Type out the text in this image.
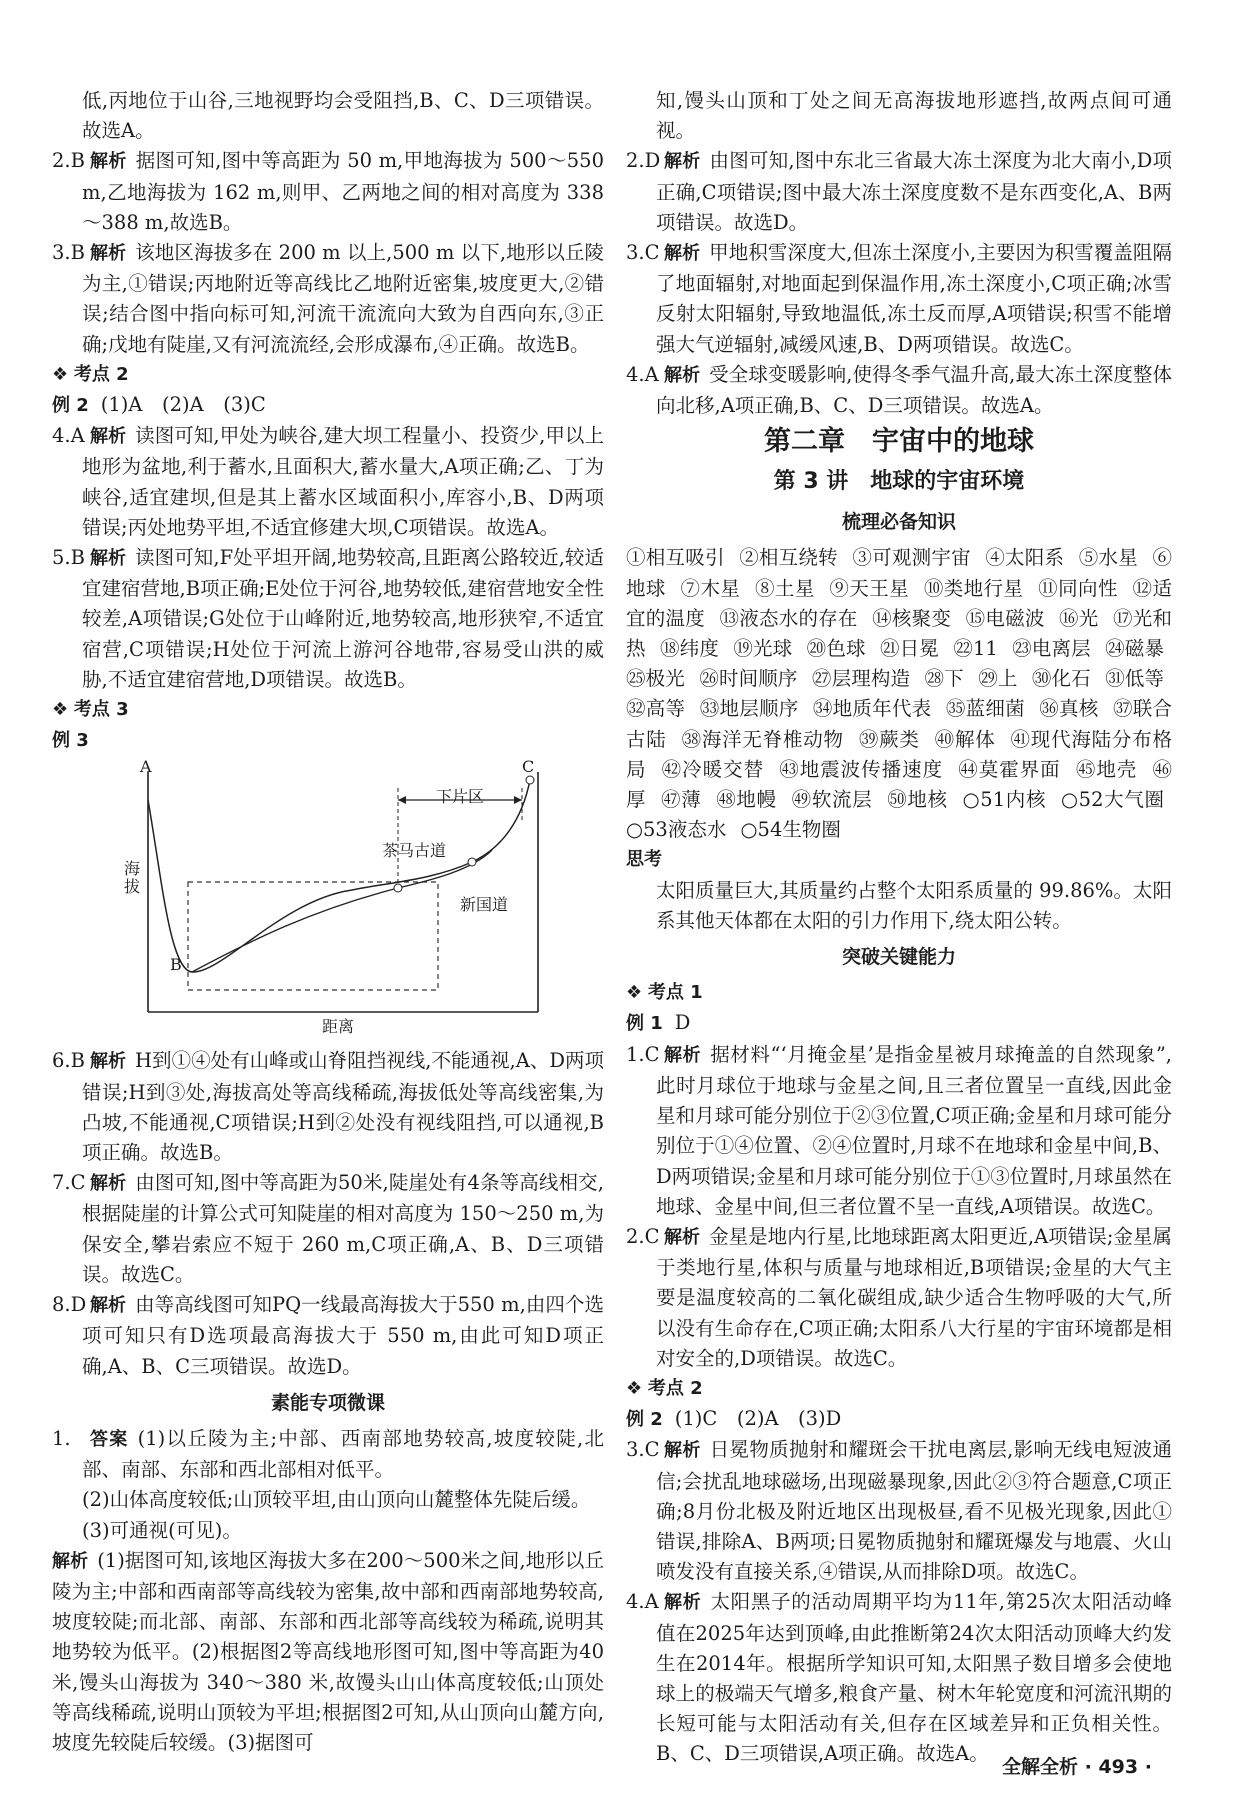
低,丙地位于山谷,三地视野均会受阻挡,B、C、D三项错误。故选A。
2.B 解析 据图可知,图中等高距为 50 m,甲地海拔为 500～550 m,乙地海拔为 162 m,则甲、乙两地之间的相对高度为 338～388 m,故选B。
3.B 解析 该地区海拔多在 200 m 以上,500 m 以下,地形以丘陵为主,①错误;丙地附近等高线比乙地附近密集,坡度更大,②错误;结合图中指向标可知,河流干流流向大致为自西向东,③正确;戊地有陡崖,又有河流流经,会形成瀑布,④正确。故选B。
❖ 考点 2
例 2 (1)A　(2)A　(3)C
4.A 解析 读图可知,甲处为峡谷,建大坝工程量小、投资少,甲以上地形为盆地,利于蓄水,且面积大,蓄水量大,A项正确;乙、丁为峡谷,适宜建坝,但是其上蓄水区域面积小,库容小,B、D两项错误;丙处地势平坦,不适宜修建大坝,C项错误。故选A。
5.B 解析 读图可知,F处平坦开阔,地势较高,且距离公路较近,较适宜建宿营地,B项正确;E处位于河谷,地势较低,建宿营地安全性较差,A项错误;G处位于山峰附近,地势较高,地形狭窄,不适宜宿营,C项错误;H处位于河流上游河谷地带,容易受山洪的威胁,不适宜建宿营地,D项错误。故选B。
❖ 考点 3
例 3
A	C
B
海拔
距离
下片区
茶马古道
新国道
6.B 解析 H到①④处有山峰或山脊阻挡视线,不能通视,A、D两项错误;H到③处,海拔高处等高线稀疏,海拔低处等高线密集,为凸坡,不能通视,C项错误;H到②处没有视线阻挡,可以通视,B项正确。故选B。
7.C 解析 由图可知,图中等高距为50米,陡崖处有4条等高线相交,根据陡崖的计算公式可知陡崖的相对高度为 150～250 m,为保安全,攀岩索应不短于 260 m,C项正确,A、B、D三项错误。故选C。
8.D 解析 由等高线图可知PQ一线最高海拔大于550 m,由四个选项可知只有D选项最高海拔大于 550 m,由此可知D项正确,A、B、C三项错误。故选D。
素能专项微课
1. 答案 (1)以丘陵为主;中部、西南部地势较高,坡度较陡,北部、南部、东部和西北部相对低平。
(2)山体高度较低;山顶较平坦,由山顶向山麓整体先陡后缓。
(3)可通视(可见)。
解析 (1)据图可知,该地区海拔大多在200～500米之间,地形以丘陵为主;中部和西南部等高线较为密集,故中部和西南部地势较高,坡度较陡;而北部、南部、东部和西北部等高线较为稀疏,说明其地势较为低平。(2)根据图2等高线地形图可知,图中等高距为40米,馒头山海拔为 340～380 米,故馒头山山体高度较低;山顶处等高线稀疏,说明山顶较为平坦;根据图2可知,从山顶向山麓方向,坡度先较陡后较缓。(3)据图可
知,馒头山顶和丁处之间无高海拔地形遮挡,故两点间可通视。
2.D 解析 由图可知,图中东北三省最大冻土深度为北大南小,D项正确,C项错误;图中最大冻土深度度数不是东西变化,A、B两项错误。故选D。
3.C 解析 甲地积雪深度大,但冻土深度小,主要因为积雪覆盖阻隔了地面辐射,对地面起到保温作用,冻土深度小,C项正确;冰雪反射太阳辐射,导致地温低,冻土反而厚,A项错误;积雪不能增强大气逆辐射,减缓风速,B、D两项错误。故选C。
4.A 解析 受全球变暖影响,使得冬季气温升高,最大冻土深度整体向北移,A项正确,B、C、D三项错误。故选A。
第二章　宇宙中的地球
第 3 讲　地球的宇宙环境
梳理必备知识
①相互吸引 ②相互绕转 ③可观测宇宙 ④太阳系 ⑤水星 ⑥地球 ⑦木星 ⑧土星 ⑨天王星 ⑩类地行星 ⑪同向性 ⑫适宜的温度 ⑬液态水的存在 ⑭核聚变 ⑮电磁波 ⑯光 ⑰光和热 ⑱纬度 ⑲光球 ⑳色球 ㉑日冕 ㉒11 ㉓电离层 ㉔磁暴 ㉕极光 ㉖时间顺序 ㉗层理构造 ㉘下 ㉙上 ㉚化石 ㉛低等 ㉜高等 ㉝地层顺序 ㉞地质年代表 ㉟蓝细菌 ㊱真核 ㊲联合古陆 ㊳海洋无脊椎动物 ㊴蕨类 ㊵解体 ㊶现代海陆分布格局 ㊷冷暖交替 ㊸地震波传播速度 ㊹莫霍界面 ㊺地壳 ㊻厚 ㊼薄 ㊽地幔 ㊾软流层 ㊿地核 ○51内核 ○52大气圈 ○53液态水 ○54生物圈
思考
太阳质量巨大,其质量约占整个太阳系质量的 99.86%。太阳系其他天体都在太阳的引力作用下,绕太阳公转。
突破关键能力
❖ 考点 1
例 1 D
1.C 解析 据材料“‘月掩金星’是指金星被月球掩盖的自然现象”,此时月球位于地球与金星之间,且三者位置呈一直线,因此金星和月球可能分别位于②③位置,C项正确;金星和月球可能分别位于①④位置、②④位置时,月球不在地球和金星中间,B、D两项错误;金星和月球可能分别位于①③位置时,月球虽然在地球、金星中间,但三者位置不呈一直线,A项错误。故选C。
2.C 解析 金星是地内行星,比地球距离太阳更近,A项错误;金星属于类地行星,体积与质量与地球相近,B项错误;金星的大气主要是温度较高的二氧化碳组成,缺少适合生物呼吸的大气,所以没有生命存在,C项正确;太阳系八大行星的宇宙环境都是相对安全的,D项错误。故选C。
❖ 考点 2
例 2 (1)C　(2)A　(3)D
3.C 解析 日冕物质抛射和耀斑会干扰电离层,影响无线电短波通信;会扰乱地球磁场,出现磁暴现象,因此②③符合题意,C项正确;8月份北极及附近地区出现极昼,看不见极光现象,因此①错误,排除A、B两项;日冕物质抛射和耀斑爆发与地震、火山喷发没有直接关系,④错误,从而排除D项。故选C。
4.A 解析 太阳黑子的活动周期平均为11年,第25次太阳活动峰值在2025年达到顶峰,由此推断第24次太阳活动顶峰大约发生在2014年。根据所学知识可知,太阳黑子数目增多会使地球上的极端天气增多,粮食产量、树木年轮宽度和河流汛期的长短可能与太阳活动有关,但存在区域差异和正负相关性。B、C、D三项错误,A项正确。故选A。
全解全析 · 493 ·
